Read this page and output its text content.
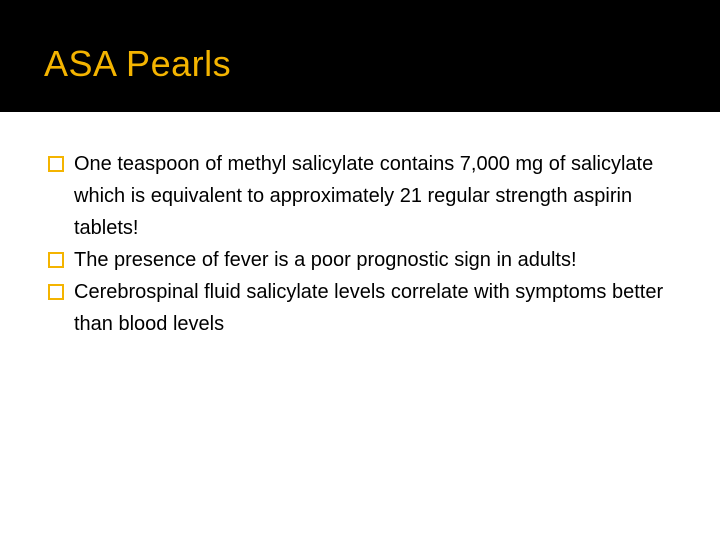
ASA Pearls
One teaspoon of methyl salicylate contains 7,000 mg of salicylate which is equivalent to approximately 21 regular strength aspirin tablets!
The presence of fever is a poor prognostic sign in adults!
Cerebrospinal fluid salicylate levels correlate with symptoms better than blood levels
